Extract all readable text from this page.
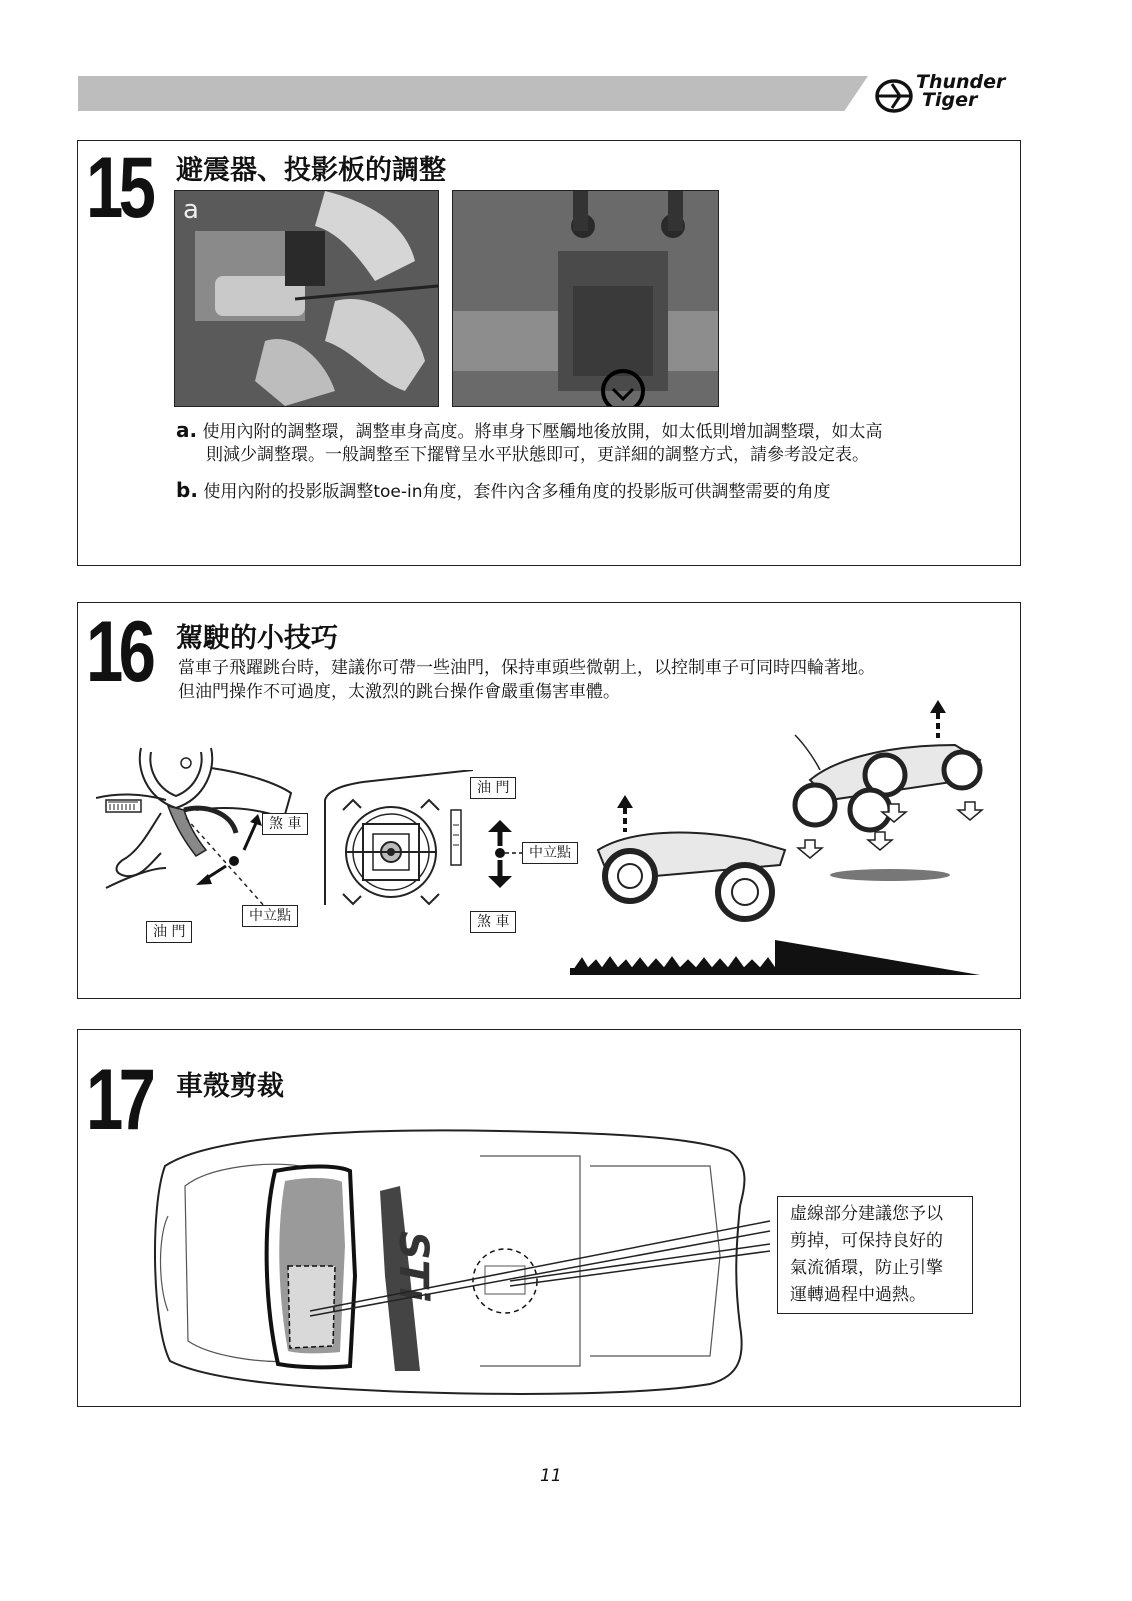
Thunder
Tiger
15 避震器、投影板的調整
a
a. 使用內附的調整環，調整車身高度。將車身下壓觸地後放開，如太低則增加調整環，如太高
則減少調整環。一般調整至下擺臂呈水平狀態即可，更詳細的調整方式，請參考設定表。
b. 使用內附的投影版調整toe-in角度，套件內含多種角度的投影版可供調整需要的角度
16 駕駛的小技巧
當車子飛躍跳台時，建議你可帶一些油門，保持車頭些微朝上，以控制車子可同時四輪著地。
但油門操作不可過度，太激烈的跳台操作會嚴重傷害車體。
煞 車
中立點
油 門
油 門
中立點
煞 車
17 車殼剪裁
STi
虛線部分建議您予以
剪掉，可保持良好的
氣流循環，防止引擎
運轉過程中過熱。
11
